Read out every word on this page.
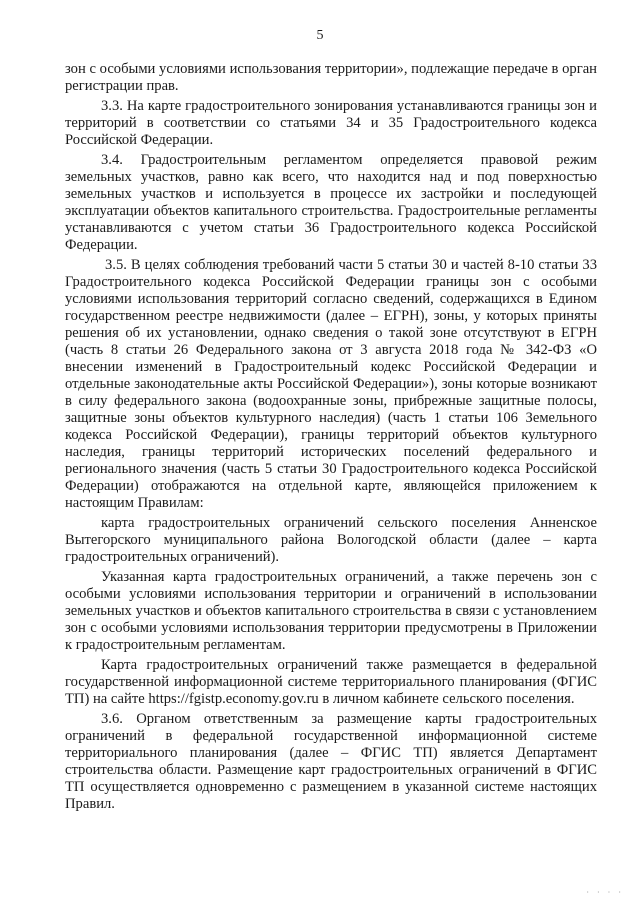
5

зон с особыми условиями использования территории», подлежащие передаче в орган регистрации прав.

3.3. На карте градостроительного зонирования устанавливаются границы зон и территорий в соответствии со статьями 34 и 35 Градостроительного кодекса Российской Федерации.

3.4. Градостроительным регламентом определяется правовой режим земельных участков, равно как всего, что находится над и под поверхностью земельных участков и используется в процессе их застройки и последующей эксплуатации объектов капитального строительства. Градостроительные регламенты устанавливаются с учетом статьи 36 Градостроительного кодекса Российской Федерации.

3.5. В целях соблюдения требований части 5 статьи 30 и частей 8-10 статьи 33 Градостроительного кодекса Российской Федерации границы зон с особыми условиями использования территорий согласно сведений, содержащихся в Едином государственном реестре недвижимости (далее – ЕГРН), зоны, у которых приняты решения об их установлении, однако сведения о такой зоне отсутствуют в ЕГРН (часть 8 статьи 26 Федерального закона от 3 августа 2018 года № 342-ФЗ «О внесении изменений в Градостроительный кодекс Российской Федерации и отдельные законодательные акты Российской Федерации»), зоны которые возникают в силу федерального закона (водоохранные зоны, прибрежные защитные полосы, защитные зоны объектов культурного наследия) (часть 1 статьи 106 Земельного кодекса Российской Федерации), границы территорий объектов культурного наследия, границы территорий исторических поселений федерального и регионального значения (часть 5 статьи 30 Градостроительного кодекса Российской Федерации) отображаются на отдельной карте, являющейся приложением к настоящим Правилам:

карта градостроительных ограничений сельского поселения Анненское Вытегорского муниципального района Вологодской области (далее – карта градостроительных ограничений).

Указанная карта градостроительных ограничений, а также перечень зон с особыми условиями использования территории и ограничений в использовании земельных участков и объектов капитального строительства в связи с установлением зон с особыми условиями использования территории предусмотрены в Приложении к градостроительным регламентам.

Карта градостроительных ограничений также размещается в федеральной государственной информационной системе территориального планирования (ФГИС ТП) на сайте https://fgistp.economy.gov.ru в личном кабинете сельского поселения.

3.6. Органом ответственным за размещение карты градостроительных ограничений в федеральной государственной информационной системе территориального планирования (далее – ФГИС ТП) является Департамент строительства области. Размещение карт градостроительных ограничений в ФГИС ТП осуществляется одновременно с размещением в указанной системе настоящих Правил.

· · · ·
